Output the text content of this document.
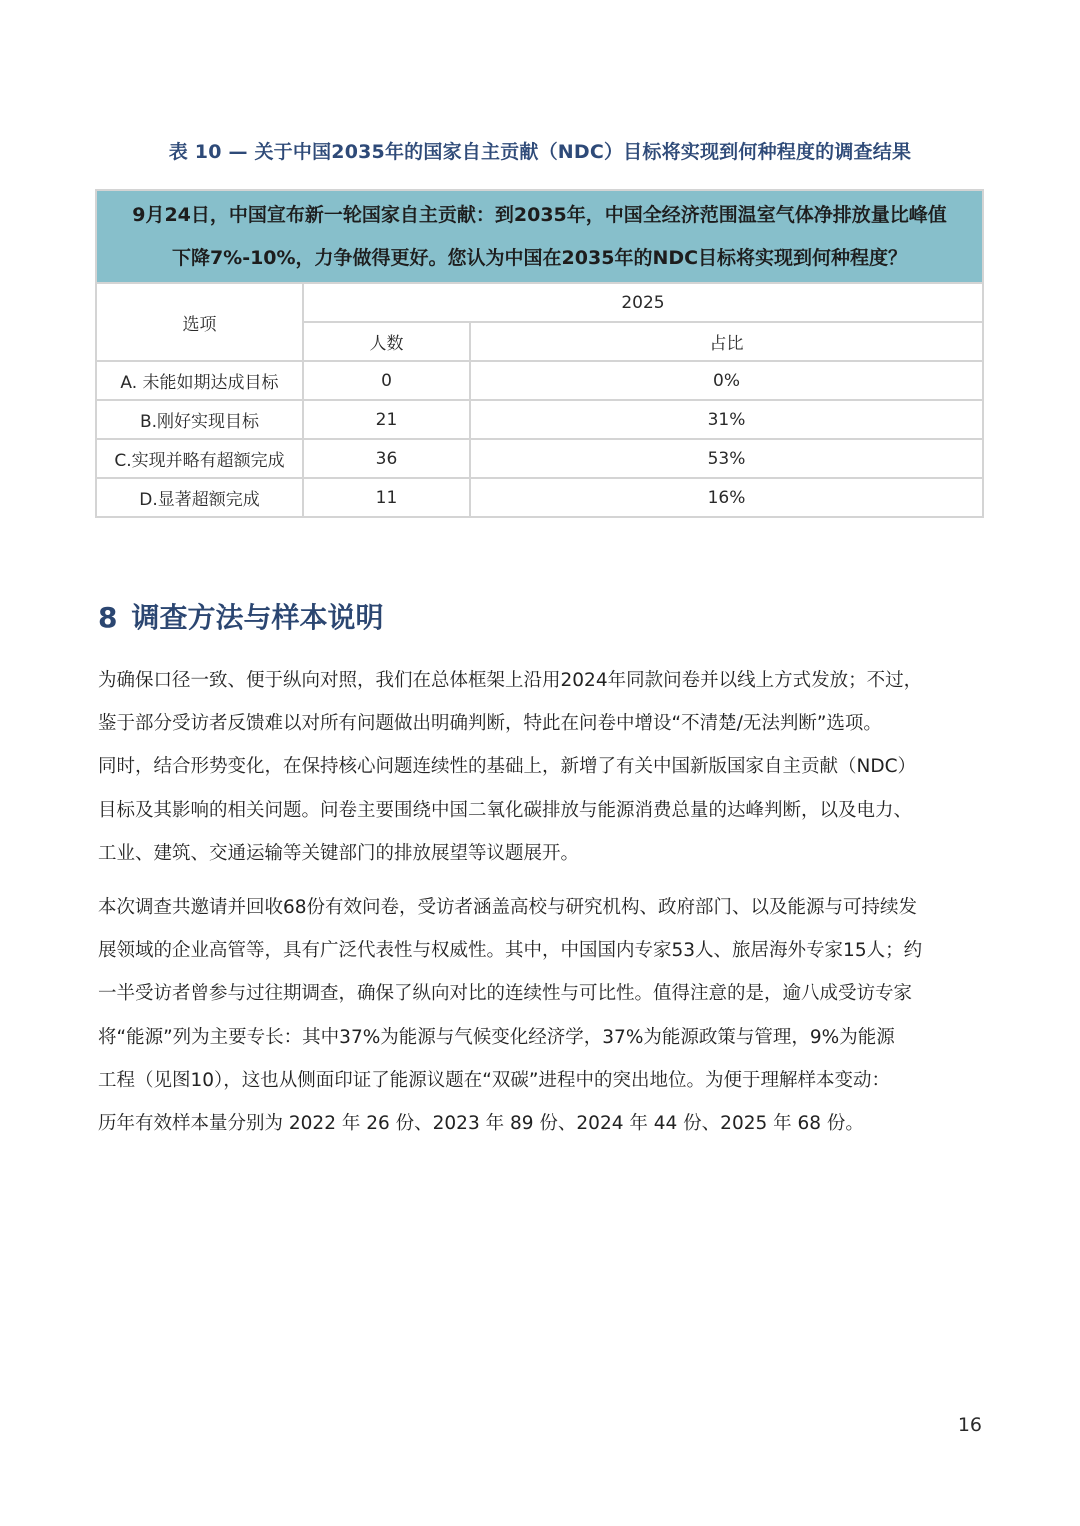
表 10 — 关于中国2035年的国家自主贡献（NDC）目标将实现到何种程度的调查结果
9月24日，中国宣布新一轮国家自主贡献：到2035年，中国全经济范围温室气体净排放量比峰值
下降7%-10%，力争做得更好。您认为中国在2035年的NDC目标将实现到何种程度？		

选项	2025	
	人数	占比
A. 未能如期达成目标	0	0%
B.刚好实现目标	21	31%
C.实现并略有超额完成	36	53%
D.显著超额完成	11	16%
8 调查方法与样本说明

为确保口径一致、便于纵向对照，我们在总体框架上沿用2024年同款问卷并以线上方式发放；不过，
鉴于部分受访者反馈难以对所有问题做出明确判断，特此在问卷中增设“不清楚/无法判断”选项。
同时，结合形势变化，在保持核心问题连续性的基础上，新增了有关中国新版国家自主贡献（NDC）
目标及其影响的相关问题。问卷主要围绕中国二氧化碳排放与能源消费总量的达峰判断，以及电力、
工业、建筑、交通运输等关键部门的排放展望等议题展开。

本次调查共邀请并回收68份有效问卷，受访者涵盖高校与研究机构、政府部门、以及能源与可持续发
展领域的企业高管等，具有广泛代表性与权威性。其中，中国国内专家53人、旅居海外专家15人；约
一半受访者曾参与过往期调查，确保了纵向对比的连续性与可比性。值得注意的是，逾八成受访专家
将“能源”列为主要专长：其中37%为能源与气候变化经济学，37%为能源政策与管理，9%为能源
工程（见图10），这也从侧面印证了能源议题在“双碳”进程中的突出地位。为便于理解样本变动：
历年有效样本量分别为 2022 年 26 份、2023 年 89 份、2024 年 44 份、2025 年 68 份。

16
